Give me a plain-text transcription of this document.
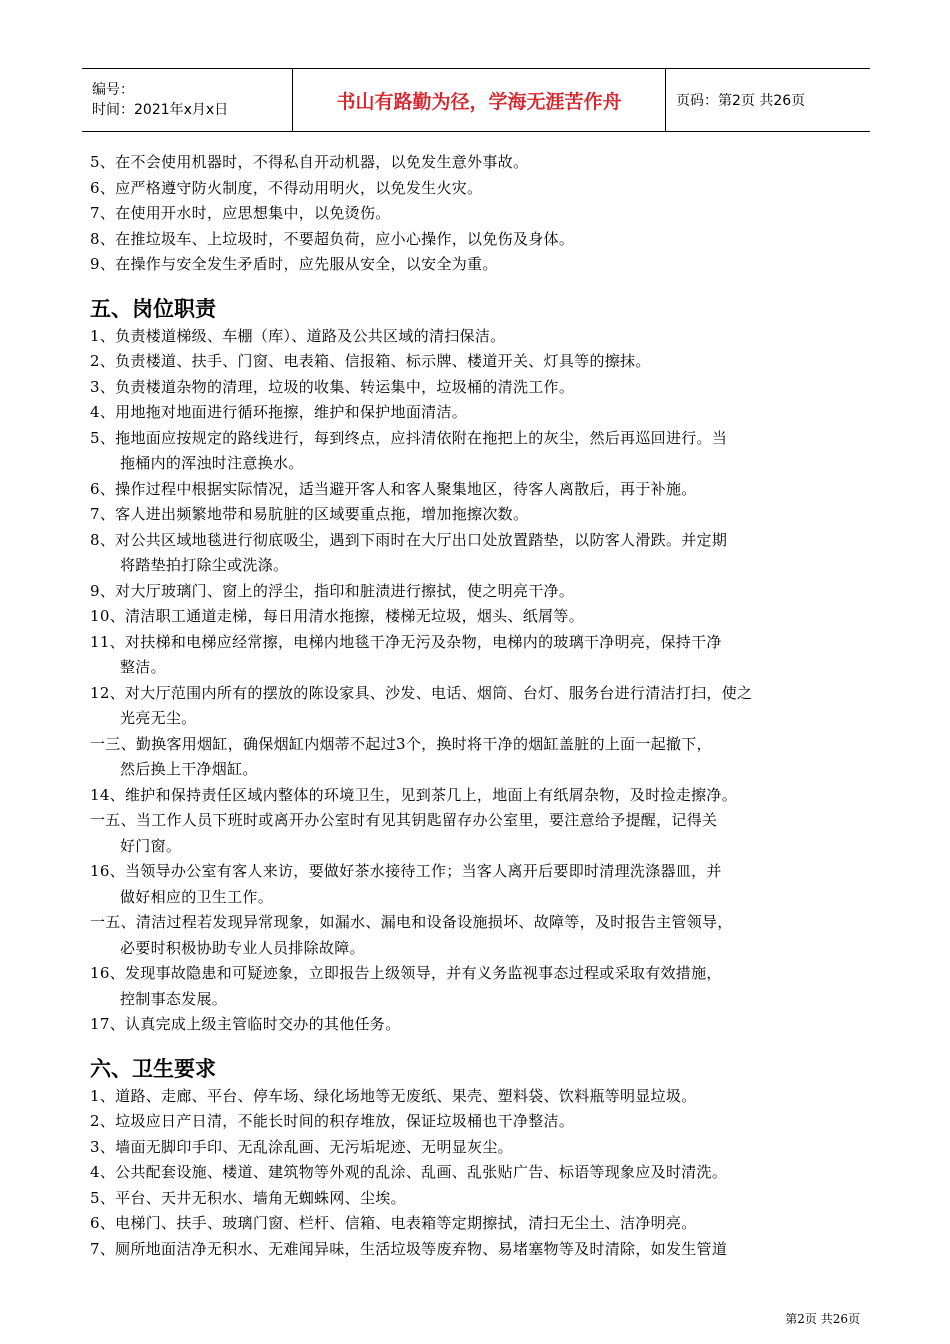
编号：
时间：2021年x月x日	书山有路勤为径，学海无涯苦作舟	页码：第2页 共26页
5、在不会使用机器时，不得私自开动机器，以免发生意外事故。
6、应严格遵守防火制度，不得动用明火，以免发生火灾。
7、在使用开水时，应思想集中，以免烫伤。
8、在推垃圾车、上垃圾时，不要超负荷，应小心操作，以免伤及身体。
9、在操作与安全发生矛盾时，应先服从安全，以安全为重。
五、岗位职责
1、负责楼道梯级、车棚（库）、道路及公共区域的清扫保洁。
2、负责楼道、扶手、门窗、电表箱、信报箱、标示牌、楼道开关、灯具等的擦抹。
3、负责楼道杂物的清理，垃圾的收集、转运集中，垃圾桶的清洗工作。
4、用地拖对地面进行循环拖擦，维护和保护地面清洁。
5、拖地面应按规定的路线进行，每到终点，应抖清依附在拖把上的灰尘，然后再巡回进行。当
拖桶内的浑浊时注意换水。
6、操作过程中根据实际情况，适当避开客人和客人聚集地区，待客人离散后，再于补施。
7、客人进出频繁地带和易肮脏的区域要重点拖，增加拖擦次数。
8、对公共区域地毯进行彻底吸尘，遇到下雨时在大厅出口处放置踏垫，以防客人滑跌。并定期
将踏垫拍打除尘或洗涤。
9、对大厅玻璃门、窗上的浮尘，指印和脏渍进行擦拭，使之明亮干净。
10、清洁职工通道走梯，每日用清水拖擦，楼梯无垃圾，烟头、纸屑等。
11、对扶梯和电梯应经常擦，电梯内地毯干净无污及杂物，电梯内的玻璃干净明亮，保持干净
整洁。
12、对大厅范围内所有的摆放的陈设家具、沙发、电话、烟筒、台灯、服务台进行清洁打扫，使之
光亮无尘。
一三、勤换客用烟缸，确保烟缸内烟蒂不起过3个，换时将干净的烟缸盖脏的上面一起撤下，
然后换上干净烟缸。
14、维护和保持责任区域内整体的环境卫生，见到茶几上，地面上有纸屑杂物，及时捡走擦净。
一五、当工作人员下班时或离开办公室时有见其钥匙留存办公室里，要注意给予提醒，记得关
好门窗。
16、当领导办公室有客人来访，要做好茶水接待工作；当客人离开后要即时清理洗涤器皿，并
做好相应的卫生工作。
一五、清洁过程若发现异常现象，如漏水、漏电和设备设施损坏、故障等，及时报告主管领导，
必要时积极协助专业人员排除故障。
16、发现事故隐患和可疑迹象，立即报告上级领导，并有义务监视事态过程或采取有效措施，
控制事态发展。
17、认真完成上级主管临时交办的其他任务。
六、卫生要求
1、道路、走廊、平台、停车场、绿化场地等无废纸、果壳、塑料袋、饮料瓶等明显垃圾。
2、垃圾应日产日清，不能长时间的积存堆放，保证垃圾桶也干净整洁。
3、墙面无脚印手印、无乱涂乱画、无污垢坭迹、无明显灰尘。
4、公共配套设施、楼道、建筑物等外观的乱涂、乱画、乱张贴广告、标语等现象应及时清洗。
5、平台、天井无积水、墙角无蜘蛛网、尘埃。
6、电梯门、扶手、玻璃门窗、栏杆、信箱、电表箱等定期擦拭，清扫无尘土、洁净明亮。
7、厕所地面洁净无积水、无难闻异味，生活垃圾等废弃物、易堵塞物等及时清除，如发生管道
第2页 共26页
